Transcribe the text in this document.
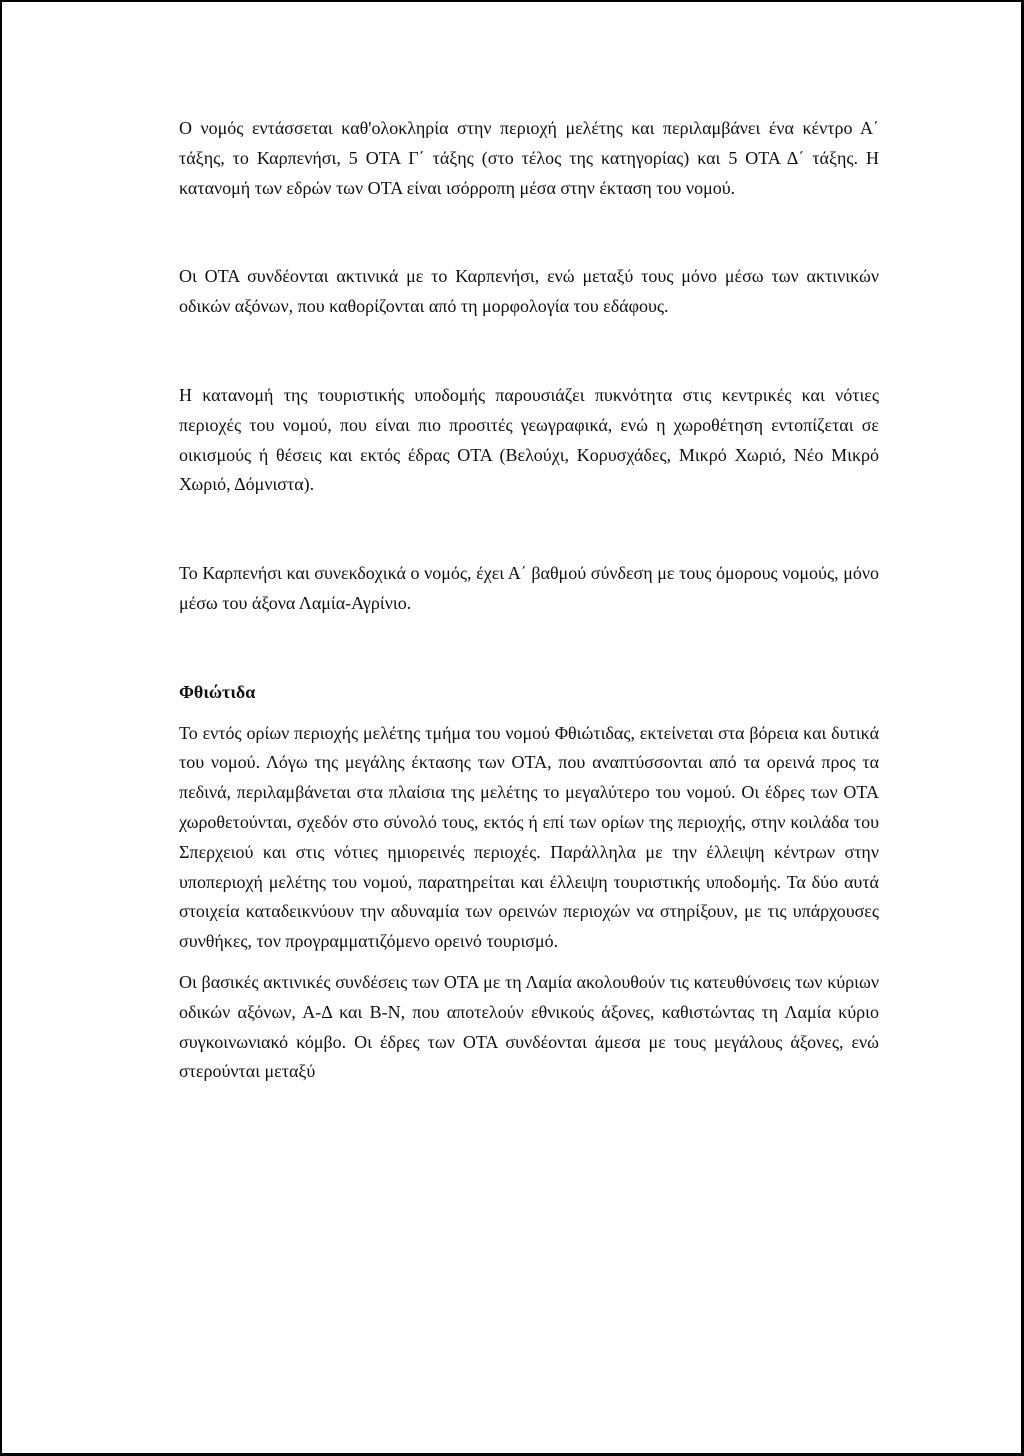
Ο νομός εντάσσεται καθ'ολοκληρία στην περιοχή μελέτης και περιλαμβάνει ένα κέντρο Α΄ τάξης, το Καρπενήσι, 5 ΟΤΑ Γ΄ τάξης (στο τέλος της κατηγορίας) και 5 ΟΤΑ Δ΄ τάξης. Η κατανομή των εδρών των ΟΤΑ είναι ισόρροπη μέσα στην έκταση του νομού.

Οι ΟΤΑ συνδέονται ακτινικά με το Καρπενήσι, ενώ μεταξύ τους μόνο μέσω των ακτινικών οδικών αξόνων, που καθορίζονται από τη μορφολογία του εδάφους.

Η κατανομή της τουριστικής υποδομής παρουσιάζει πυκνότητα στις κεντρικές και νότιες περιοχές του νομού, που είναι πιο προσιτές γεωγραφικά, ενώ η χωροθέτηση εντοπίζεται σε οικισμούς ή θέσεις και εκτός έδρας ΟΤΑ (Βελούχι, Κορυσχάδες, Μικρό Χωριό, Νέο Μικρό Χωριό, Δόμνιστα).

Το Καρπενήσι και συνεκδοχικά ο νομός, έχει Α΄ βαθμού σύνδεση με τους όμορους νομούς, μόνο μέσω του άξονα Λαμία-Αγρίνιο.

Φθιώτιδα

Το εντός ορίων περιοχής μελέτης τμήμα του νομού Φθιώτιδας, εκτείνεται στα βόρεια και δυτικά του νομού. Λόγω της μεγάλης έκτασης των ΟΤΑ, που αναπτύσσονται από τα ορεινά προς τα πεδινά, περιλαμβάνεται στα πλαίσια της μελέτης το μεγαλύτερο του νομού. Οι έδρες των ΟΤΑ χωροθετούνται, σχεδόν στο σύνολό τους, εκτός ή επί των ορίων της περιοχής, στην κοιλάδα του Σπερχειού και στις νότιες ημιορεινές περιοχές. Παράλληλα με την έλλειψη κέντρων στην υποπεριοχή μελέτης του νομού, παρατηρείται και έλλειψη τουριστικής υποδομής. Τα δύο αυτά στοιχεία καταδεικνύουν την αδυναμία των ορεινών περιοχών να στηρίξουν, με τις υπάρχουσες συνθήκες, τον προγραμματιζόμενο ορεινό τουρισμό.

Οι βασικές ακτινικές συνδέσεις των ΟΤΑ με τη Λαμία ακολουθούν τις κατευθύνσεις των κύριων οδικών αξόνων, Α-Δ και Β-Ν, που αποτελούν εθνικούς άξονες, καθιστώντας τη Λαμία κύριο συγκοινωνιακό κόμβο. Οι έδρες των ΟΤΑ συνδέονται άμεσα με τους μεγάλους άξονες, ενώ στερούνται μεταξύ
